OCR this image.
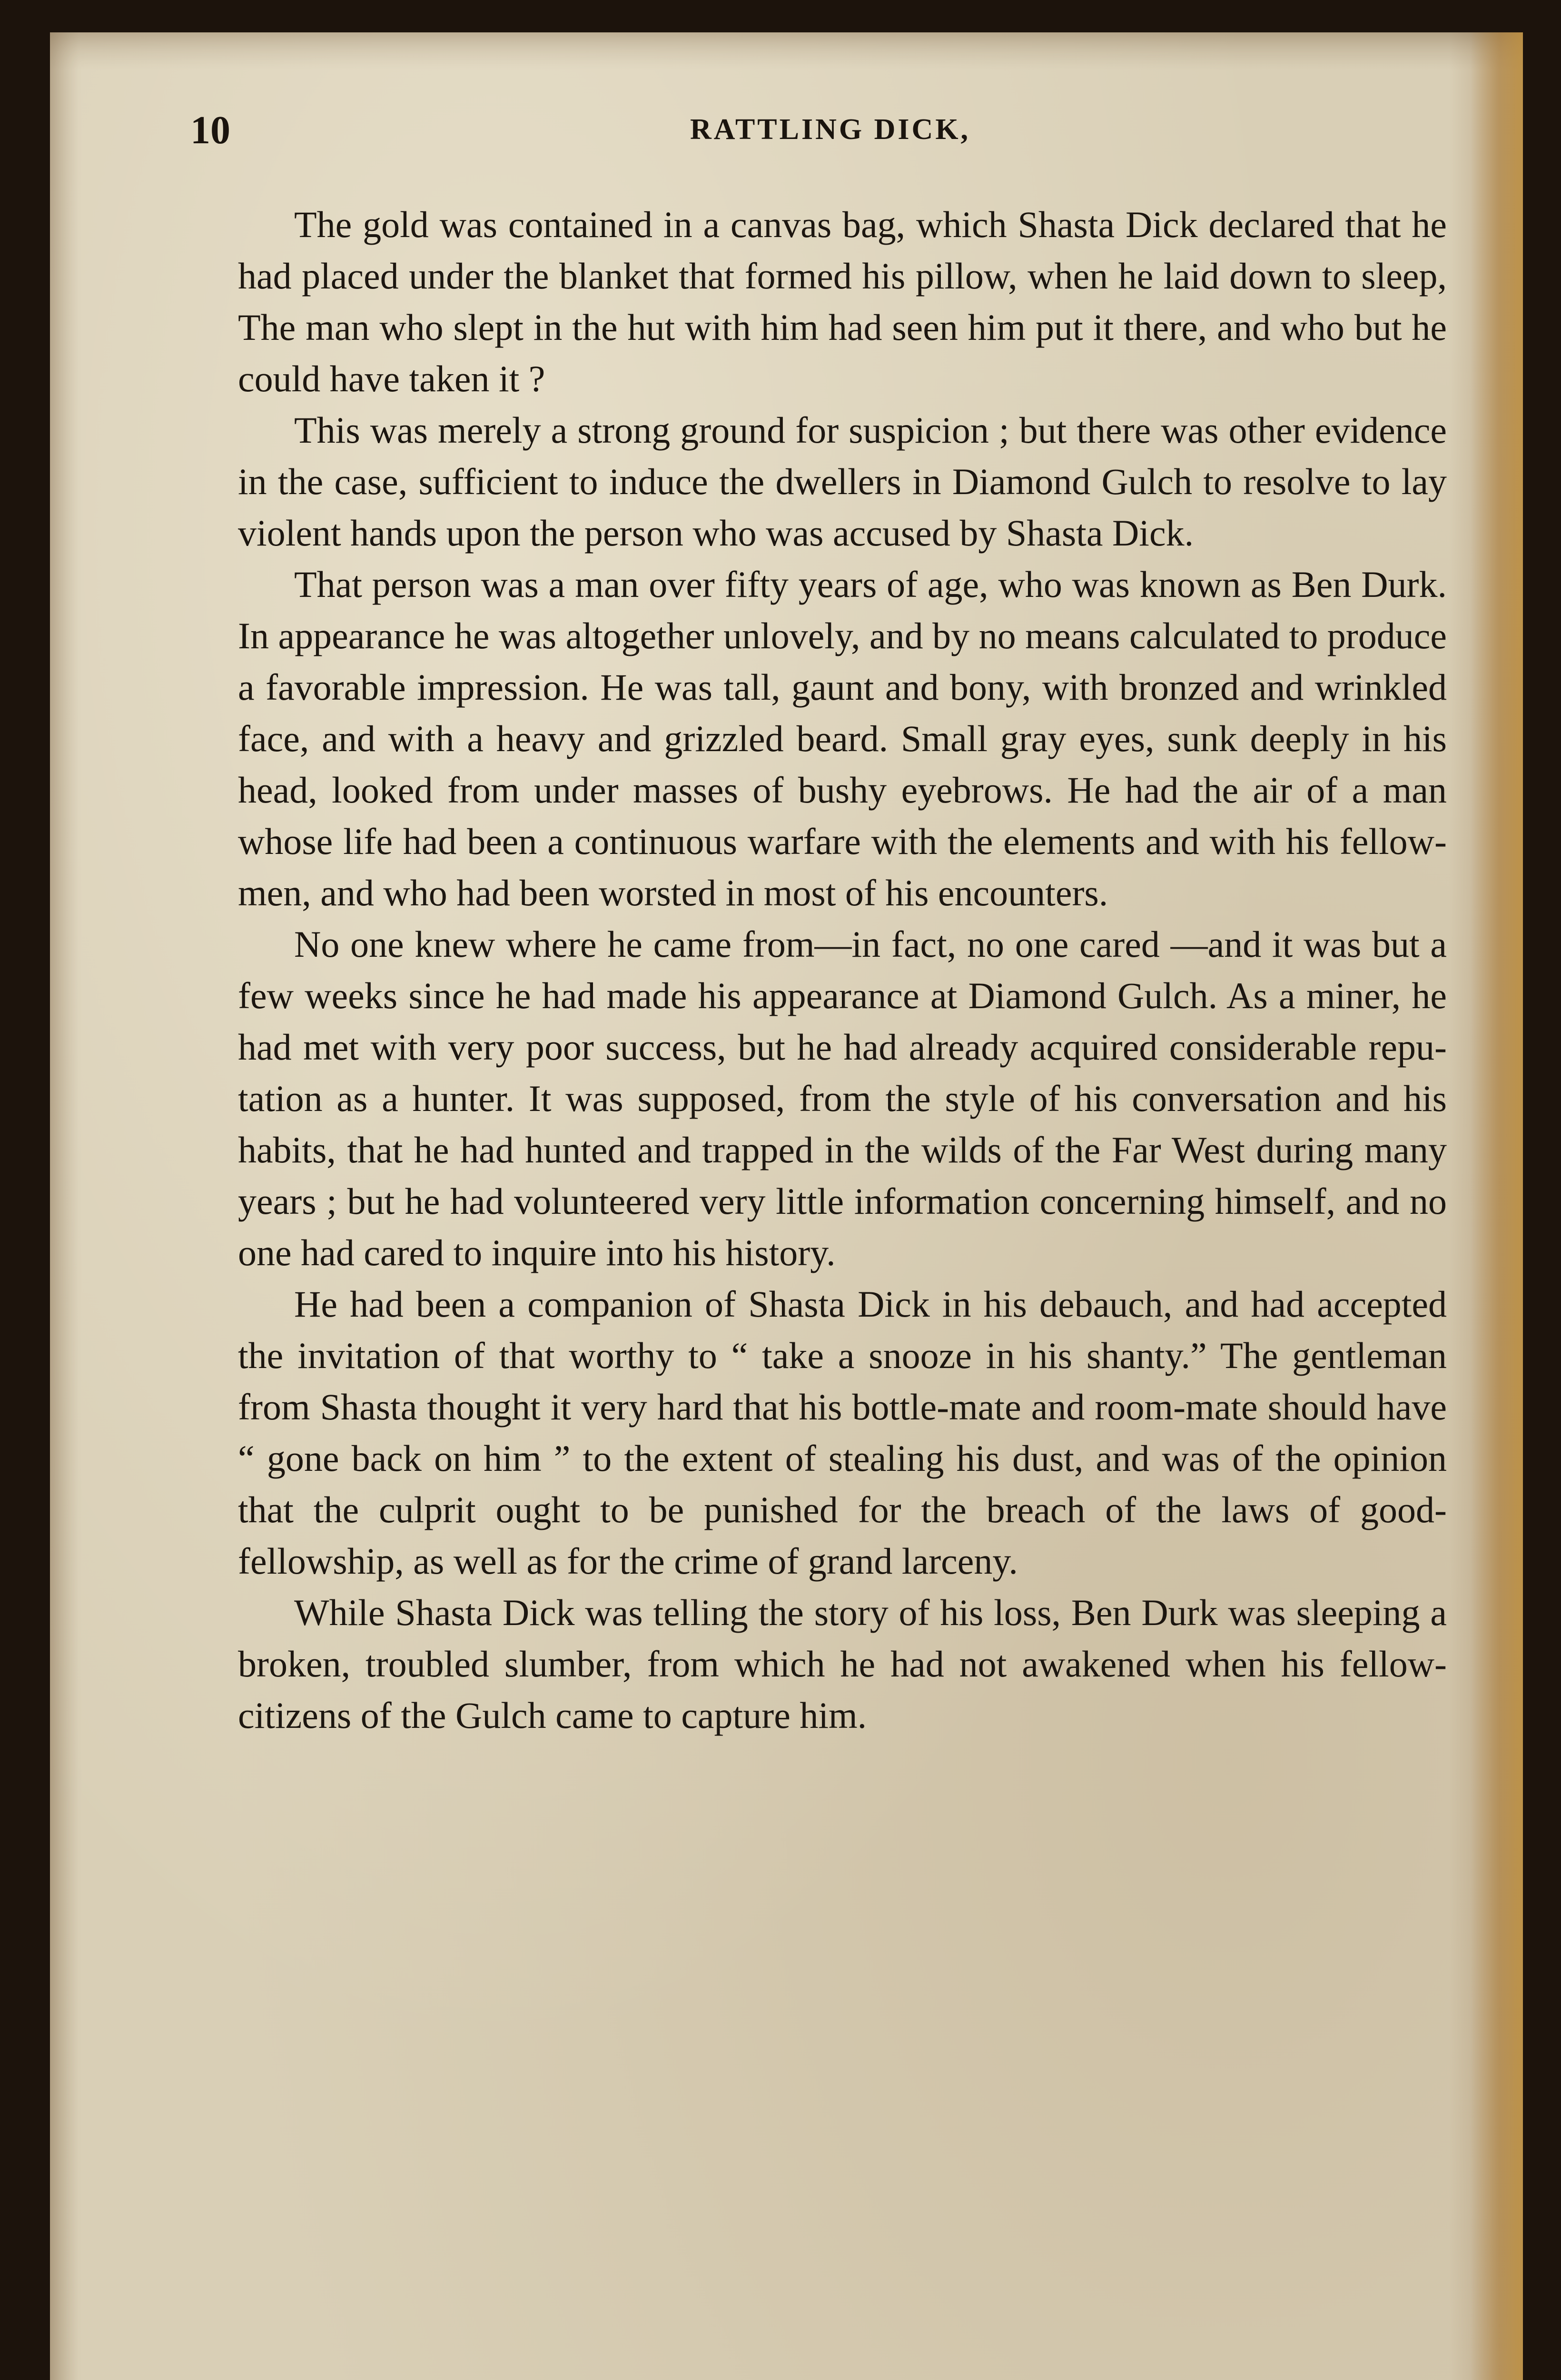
10	RATTLING DICK,

The gold was contained in a canvas bag, which Shasta Dick declared that he had placed under the blanket that formed his pillow, when he laid down to sleep, The man who slept in the hut with him had seen him put it there, and who but he could have taken it ?

This was merely a strong ground for suspicion ; but there was other evidence in the case, sufficient to induce the dwellers in Diamond Gulch to resolve to lay violent hands upon the person who was accused by Shasta Dick.

That person was a man over fifty years of age, who was known as Ben Durk. In appearance he was altogether unlovely, and by no means calculated to produce a favorable impression. He was tall, gaunt and bony, with bronzed and wrinkled face, and with a heavy and grizzled beard. Small gray eyes, sunk deeply in his head, looked from under masses of bushy eyebrows. He had the air of a man whose life had been a continuous warfare with the elements and with his fellow-men, and who had been worsted in most of his encounters.

No one knew where he came from—in fact, no one cared —and it was but a few weeks since he had made his appearance at Diamond Gulch. As a miner, he had met with very poor success, but he had already acquired considerable reputation as a hunter. It was supposed, from the style of his conversation and his habits, that he had hunted and trapped in the wilds of the Far West during many years ; but he had volunteered very little information concerning himself, and no one had cared to inquire into his history.

He had been a companion of Shasta Dick in his debauch, and had accepted the invitation of that worthy to “ take a snooze in his shanty.” The gentleman from Shasta thought it very hard that his bottle-mate and room-mate should have “ gone back on him ” to the extent of stealing his dust, and was of the opinion that the culprit ought to be punished for the breach of the laws of good-fellowship, as well as for the crime of grand larceny.

While Shasta Dick was telling the story of his loss, Ben Durk was sleeping a broken, troubled slumber, from which he had not awakened when his fellow-citizens of the Gulch came to capture him.
